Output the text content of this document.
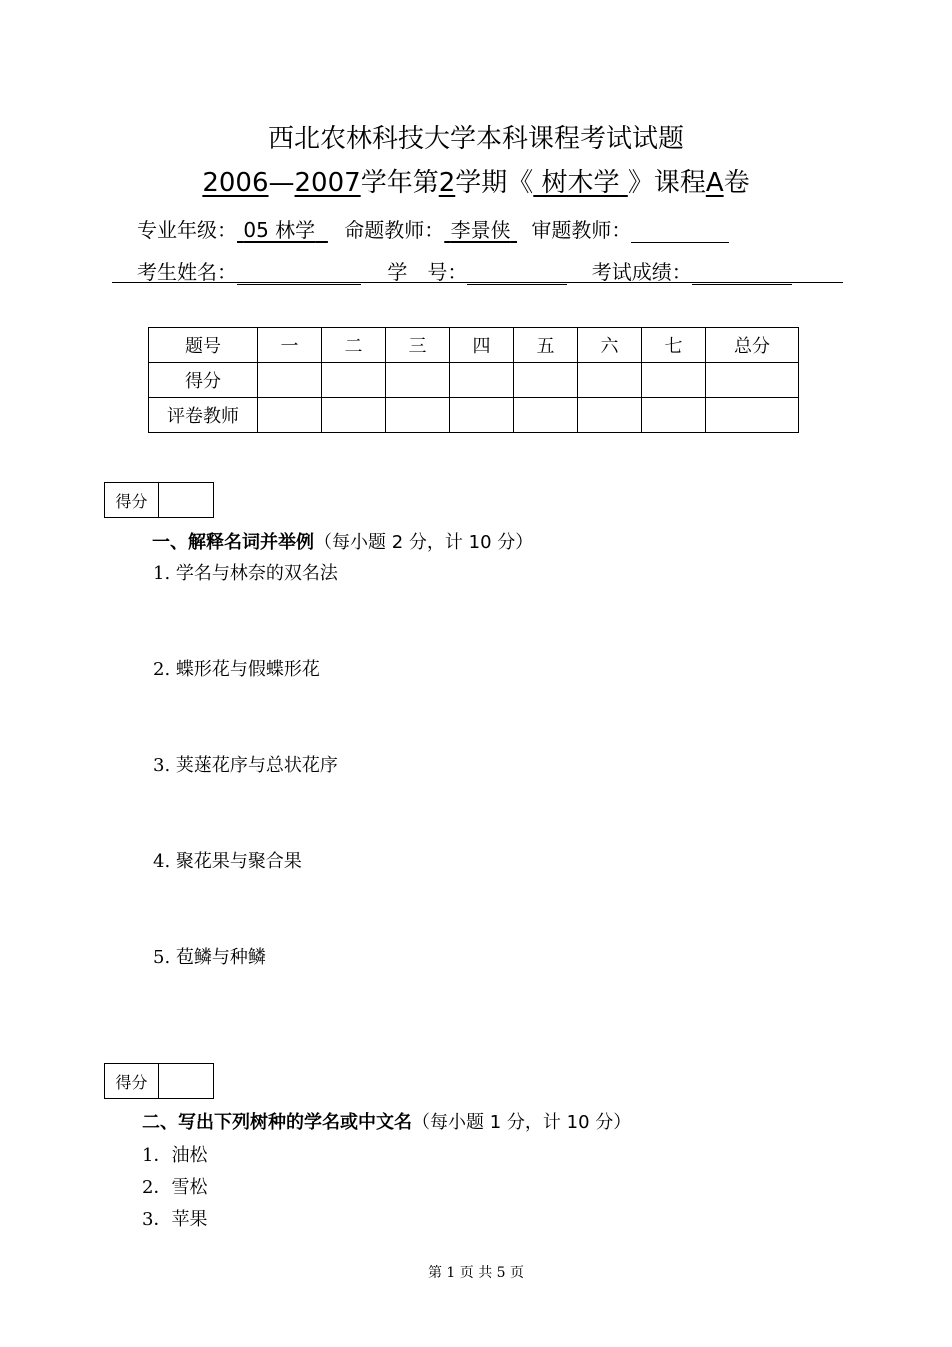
西北农林科技大学本科课程考试试题
2006—2007学年第2学期《 树木学 》课程A卷
专业年级： 05 林学 命题教师： 李景侠 审题教师：
考生姓名：	学　号：	考试成绩：
题号	一	二	三	四	五	六	七	总分
得分								
评卷教师								
得分
一、解释名词并举例（每小题 2 分，计 10 分）
1. 学名与林奈的双名法
2. 蝶形花与假蝶形花
3. 荚蒾花序与总状花序
4. 聚花果与聚合果
5. 苞鳞与种鳞
得分
二、写出下列树种的学名或中文名（每小题 1 分，计 10 分）
1．油松
2．雪松
3．苹果
第 1 页 共 5 页
